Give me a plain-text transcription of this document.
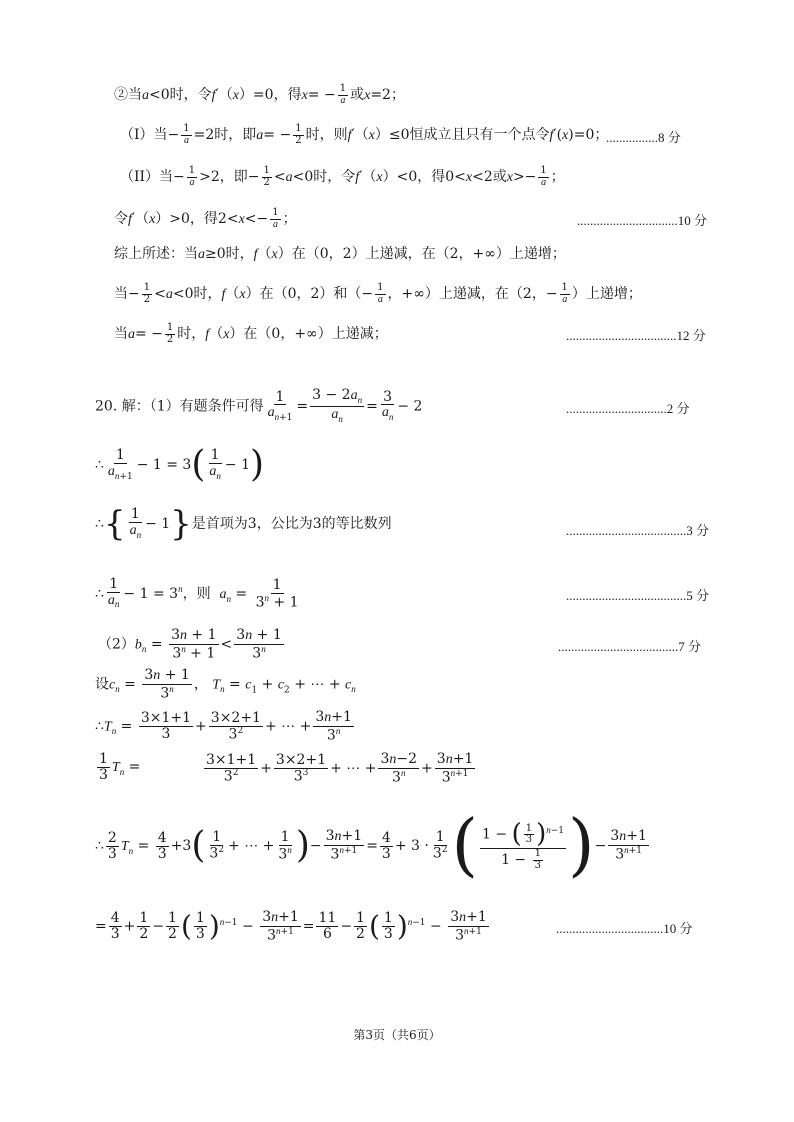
②当a<0时，令f′（x）=0，得$x= - \frac{1}{a}$ 或x=2；
（I）当− $\frac{1}{a} =2$时，即$a= - \frac{1}{2}$ 时，则f′（x）≤0恒成立且只有一个点令f′(x)=0；
................8 分
（II）当− $\frac{1}{a} >2$，即− $\frac{1}{2} <a<0$时，令f′（x）<0，得0<x<2或$x>- \frac{1}{a}$ ；
令f′（x）>0，得$2<x<- \frac{1}{a}$ ；	...............................10 分
综上所述：当a≥0时，f（x）在（0，2）上递减，在（2，+∞）上递增；
当− $\frac{1}{2} <a<0$时，f（x）在（0，2）和（− $\frac{1}{a}$ ，+∞）上递减，在（2，− $\frac{1}{a}$ ）上递增；
当$a= - \frac{1}{2}$ 时，f（x）在（0，+∞）上递减；	..................................12 分
20. 解：（1）有题条件可得 $\frac{1}{a_{n+1}} = \frac{3 - 2a_n}{a_n} = \frac{3}{a_n} - 2$	...............................2 分
∴ $\frac{1}{a_{n+1}} - 1 = 3( \frac{1}{a_n} - 1)$
∴{ $\frac{1}{a_n} - 1$}是首项为3，公比为3的等比数列	.....................................3 分
∴ $\frac{1}{a_n} - 1 = 3^n$，则 $a_n = \frac{1}{3^n + 1}$	.....................................5 分
$(2)b_n = \frac{3n + 1}{3^n + 1} < \frac{3n + 1}{3^n}$	.....................................7 分
设$c_n = \frac{3n + 1}{3^n}$ ， $T_n = c_1 + c_2$ + ⋯ + $c_n$
$\therefore T_n = \frac{3\times 1+1}{3} + \frac{3\times 2+1}{3^2}$ + ⋯ + $\frac{3n+1}{3^n}$
$\frac{1}{3} T_n$ =	$\frac{3\times 1+1}{3^2} + \frac{3\times 2+1}{3^3}$ + ⋯ + $\frac{3n-2}{3^n} + \frac{3n+1}{3^{n+1}}$
∴ $\frac{2}{3} T_n = \frac{4}{3} +3( \frac{1}{3^2}$ + ⋯ + $\frac{1}{3^n}$ )− $\frac{3n+1}{3^{n+1}} = \frac{4}{3} + 3 \cdot \frac{1}{3^2}$ ( $\frac{1 - ( \frac{1}{3} )^{n-1}}{1 - \frac{1}{3}}$ )− $\frac{3n+1}{3^{n+1}}$
= $\frac{4}{3} + \frac{1}{2} - \frac{1}{2}$ ( $\frac{1}{3} )^{n-1} - \frac{3n+1}{3^{n+1}} = \frac{11}{6} - \frac{1}{2}$ ( $\frac{1}{3} )^{n-1} - \frac{3n+1}{3^{n+1}}$	.................................10 分
第3页（共6页）
